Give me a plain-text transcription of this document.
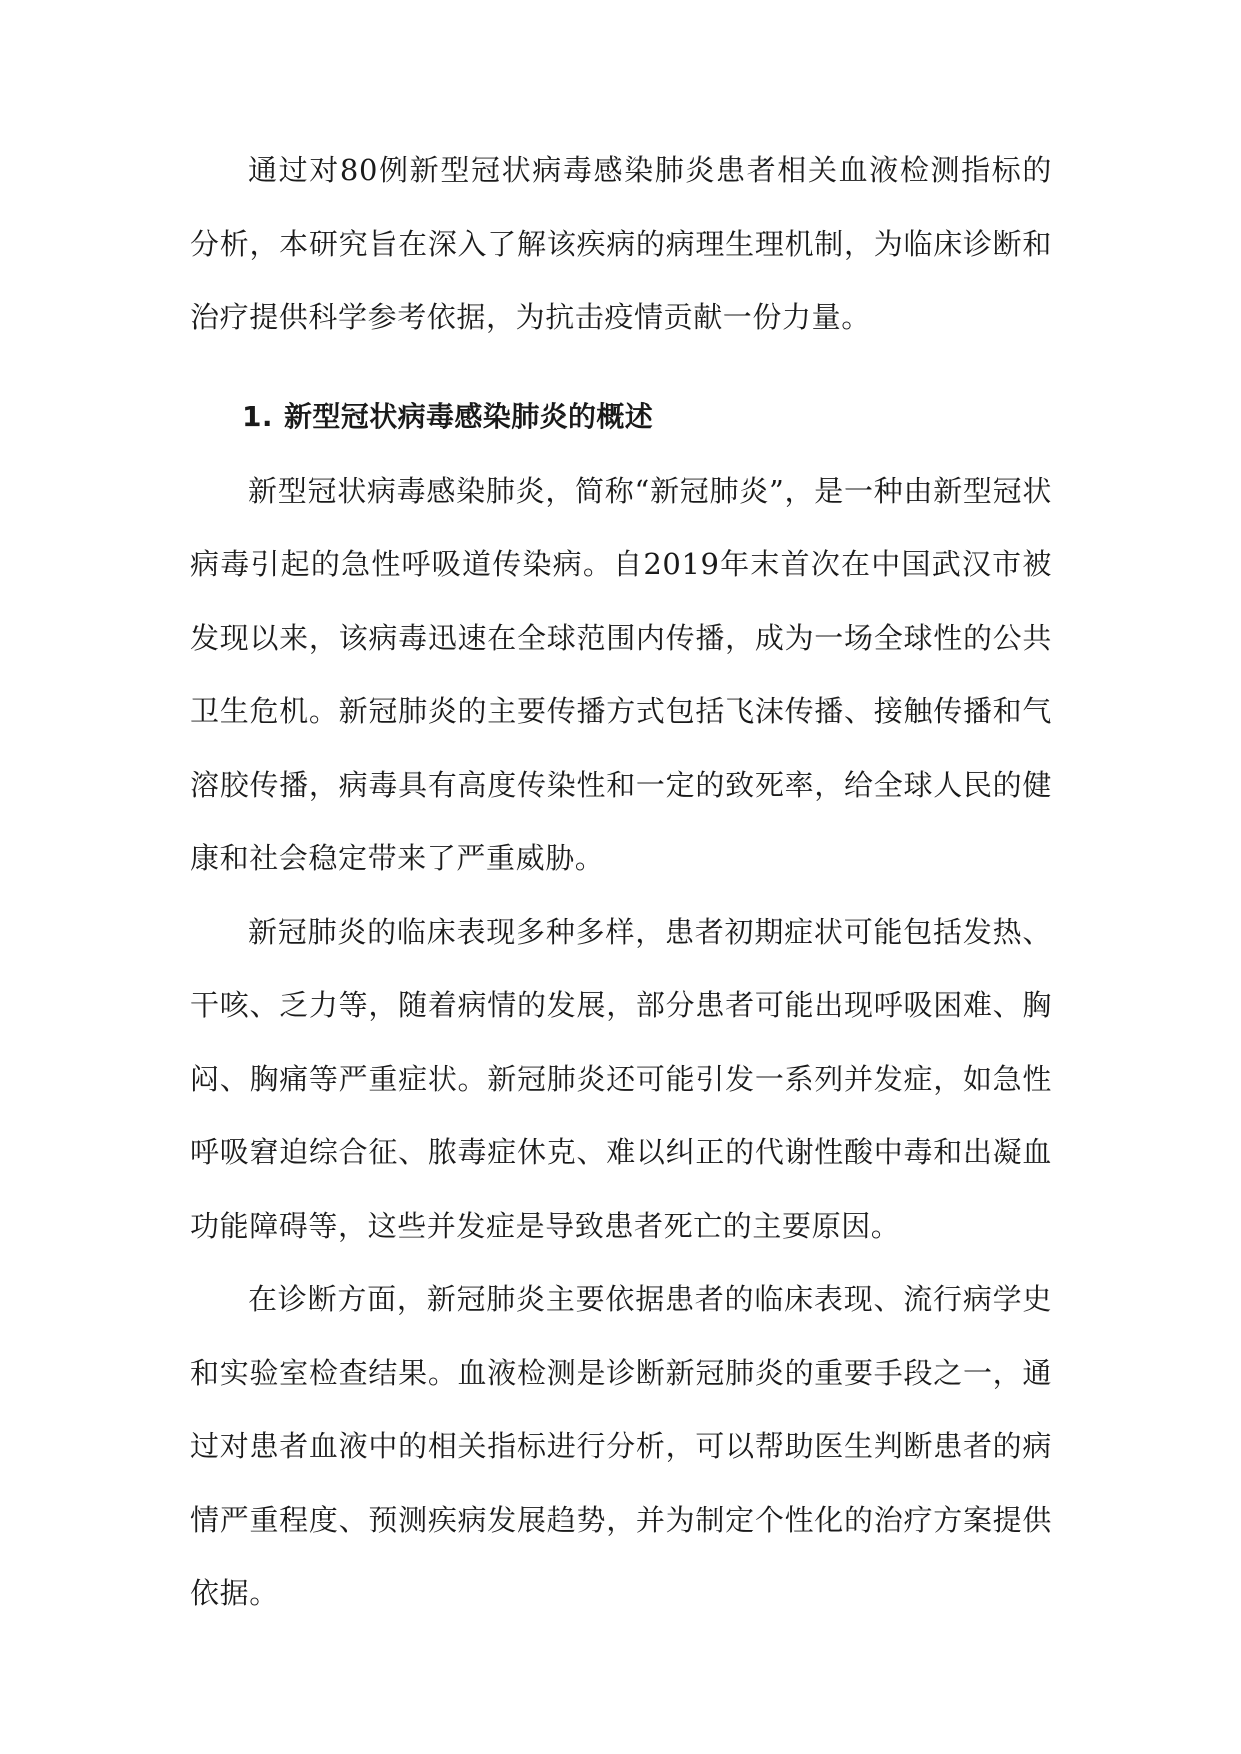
通过对80例新型冠状病毒感染肺炎患者相关血液检测指标的分析，本研究旨在深入了解该疾病的病理生理机制，为临床诊断和治疗提供科学参考依据，为抗击疫情贡献一份力量。

1. 新型冠状病毒感染肺炎的概述

新型冠状病毒感染肺炎，简称“新冠肺炎”，是一种由新型冠状病毒引起的急性呼吸道传染病。自2019年末首次在中国武汉市被发现以来，该病毒迅速在全球范围内传播，成为一场全球性的公共卫生危机。新冠肺炎的主要传播方式包括飞沫传播、接触传播和气溶胶传播，病毒具有高度传染性和一定的致死率，给全球人民的健康和社会稳定带来了严重威胁。

新冠肺炎的临床表现多种多样，患者初期症状可能包括发热、干咳、乏力等，随着病情的发展，部分患者可能出现呼吸困难、胸闷、胸痛等严重症状。新冠肺炎还可能引发一系列并发症，如急性呼吸窘迫综合征、脓毒症休克、难以纠正的代谢性酸中毒和出凝血功能障碍等，这些并发症是导致患者死亡的主要原因。

在诊断方面，新冠肺炎主要依据患者的临床表现、流行病学史和实验室检查结果。血液检测是诊断新冠肺炎的重要手段之一，通过对患者血液中的相关指标进行分析，可以帮助医生判断患者的病情严重程度、预测疾病发展趋势，并为制定个性化的治疗方案提供依据。
